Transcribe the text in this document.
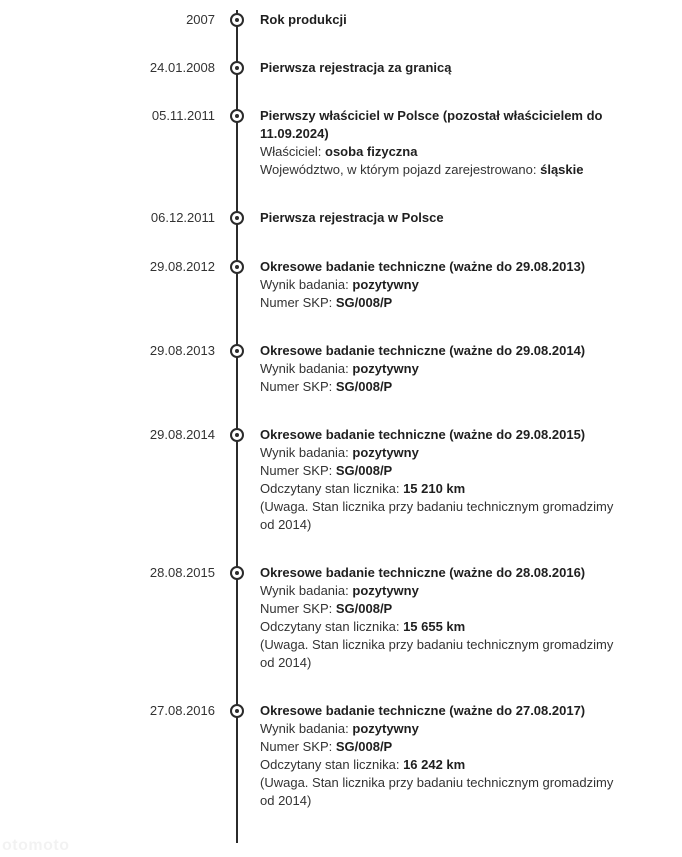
2007	Rok produkcji
24.01.2008	Pierwsza rejestracja za granicą
05.11.2011	Pierwszy właściciel w Polsce (pozostał właścicielem do 11.09.2024)
Właściciel: osoba fizyczna
Województwo, w którym pojazd zarejestrowano: śląskie
06.12.2011	Pierwsza rejestracja w Polsce
29.08.2012	Okresowe badanie techniczne (ważne do 29.08.2013)
Wynik badania: pozytywny
Numer SKP: SG/008/P
29.08.2013	Okresowe badanie techniczne (ważne do 29.08.2014)
Wynik badania: pozytywny
Numer SKP: SG/008/P
29.08.2014	Okresowe badanie techniczne (ważne do 29.08.2015)
Wynik badania: pozytywny
Numer SKP: SG/008/P
Odczytany stan licznika: 15 210 km
(Uwaga. Stan licznika przy badaniu technicznym gromadzimy od 2014)
28.08.2015	Okresowe badanie techniczne (ważne do 28.08.2016)
Wynik badania: pozytywny
Numer SKP: SG/008/P
Odczytany stan licznika: 15 655 km
(Uwaga. Stan licznika przy badaniu technicznym gromadzimy od 2014)
27.08.2016	Okresowe badanie techniczne (ważne do 27.08.2017)
Wynik badania: pozytywny
Numer SKP: SG/008/P
Odczytany stan licznika: 16 242 km
(Uwaga. Stan licznika przy badaniu technicznym gromadzimy od 2014)
otomoto
